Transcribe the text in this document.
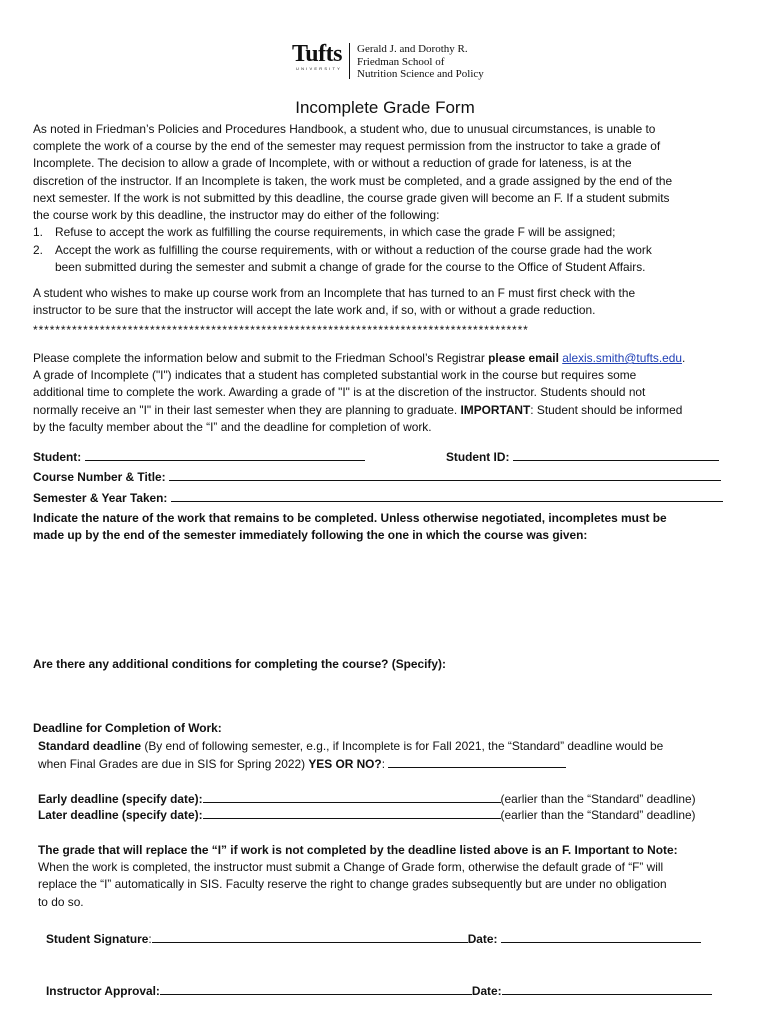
Tufts
UNIVERSITY
Gerald J. and Dorothy R.
Friedman School of
Nutrition Science and Policy
Incomplete Grade Form
As noted in Friedman’s Policies and Procedures Handbook, a student who, due to unusual circumstances, is unable to
complete the work of a course by the end of the semester may request permission from the instructor to take a grade of
Incomplete. The decision to allow a grade of Incomplete, with or without a reduction of grade for lateness, is at the
discretion of the instructor. If an Incomplete is taken, the work must be completed, and a grade assigned by the end of the
next semester. If the work is not submitted by this deadline, the course grade given will become an F. If a student submits
the course work by this deadline, the instructor may do either of the following:
1. Refuse to accept the work as fulfilling the course requirements, in which case the grade F will be assigned;
2. Accept the work as fulfilling the course requirements, with or without a reduction of the course grade had the work
been submitted during the semester and submit a change of grade for the course to the Office of Student Affairs.
A student who wishes to make up course work from an Incomplete that has turned to an F must first check with the
instructor to be sure that the instructor will accept the late work and, if so, with or without a grade reduction.
*****************************************************************************************
Please complete the information below and submit to the Friedman School’s Registrar please email alexis.smith@tufts.edu.
A grade of Incomplete ("I") indicates that a student has completed substantial work in the course but requires some
additional time to complete the work. Awarding a grade of "I" is at the discretion of the instructor. Students should not
normally receive an "I" in their last semester when they are planning to graduate. IMPORTANT: Student should be informed
by the faculty member about the “I” and the deadline for completion of work.
Student:	Student ID:
Course Number & Title:
Semester & Year Taken:
Indicate the nature of the work that remains to be completed. Unless otherwise negotiated, incompletes must be
made up by the end of the semester immediately following the one in which the course was given:
Are there any additional conditions for completing the course? (Specify):
Deadline for Completion of Work:
Standard deadline (By end of following semester, e.g., if Incomplete is for Fall 2021, the “Standard” deadline would be
when Final Grades are due in SIS for Spring 2022) YES OR NO?:
Early deadline (specify date):	(earlier than the “Standard” deadline)
Later deadline (specify date):	(earlier than the “Standard” deadline)
The grade that will replace the “I” if work is not completed by the deadline listed above is an F. Important to Note:
When the work is completed, the instructor must submit a Change of Grade form, otherwise the default grade of “F” will
replace the “I” automatically in SIS. Faculty reserve the right to change grades subsequently but are under no obligation
to do so.
Student Signature:	Date:
Instructor Approval:	Date:
